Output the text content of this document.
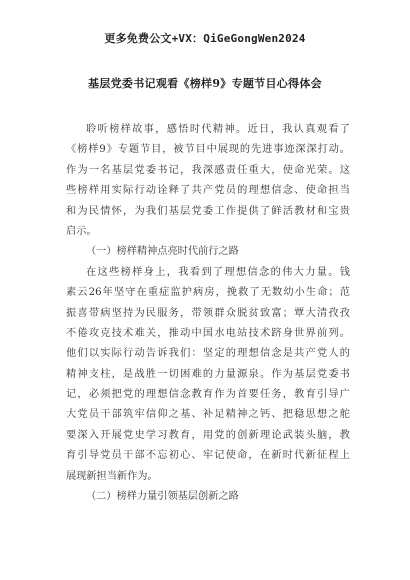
更多免费公文+VX：QiGeGongWen2024
基层党委书记观看《榜样9》专题节目心得体会
聆听榜样故事，感悟时代精神。近日，我认真观看了
《榜样9》专题节目，被节目中展现的先进事迹深深打动。
作为一名基层党委书记，我深感责任重大，使命光荣。这
些榜样用实际行动诠释了共产党员的理想信念、使命担当
和为民情怀，为我们基层党委工作提供了鲜活教材和宝贵
启示。
（一）榜样精神点亮时代前行之路
在这些榜样身上，我看到了理想信念的伟大力量。钱
素云26年坚守在重症监护病房，挽救了无数幼小生命；范
振喜带病坚持为民服务，带领群众脱贫致富；覃大清孜孜
不倦攻克技术难关，推动中国水电站技术跻身世界前列。
他们以实际行动告诉我们：坚定的理想信念是共产党人的
精神支柱，是战胜一切困难的力量源泉。作为基层党委书
记，必须把党的理想信念教育作为首要任务，教育引导广
大党员干部筑牢信仰之基、补足精神之钙、把稳思想之舵
要深入开展党史学习教育，用党的创新理论武装头脑，教
育引导党员干部不忘初心、牢记使命，在新时代新征程上
展现新担当新作为。
（二）榜样力量引领基层创新之路
